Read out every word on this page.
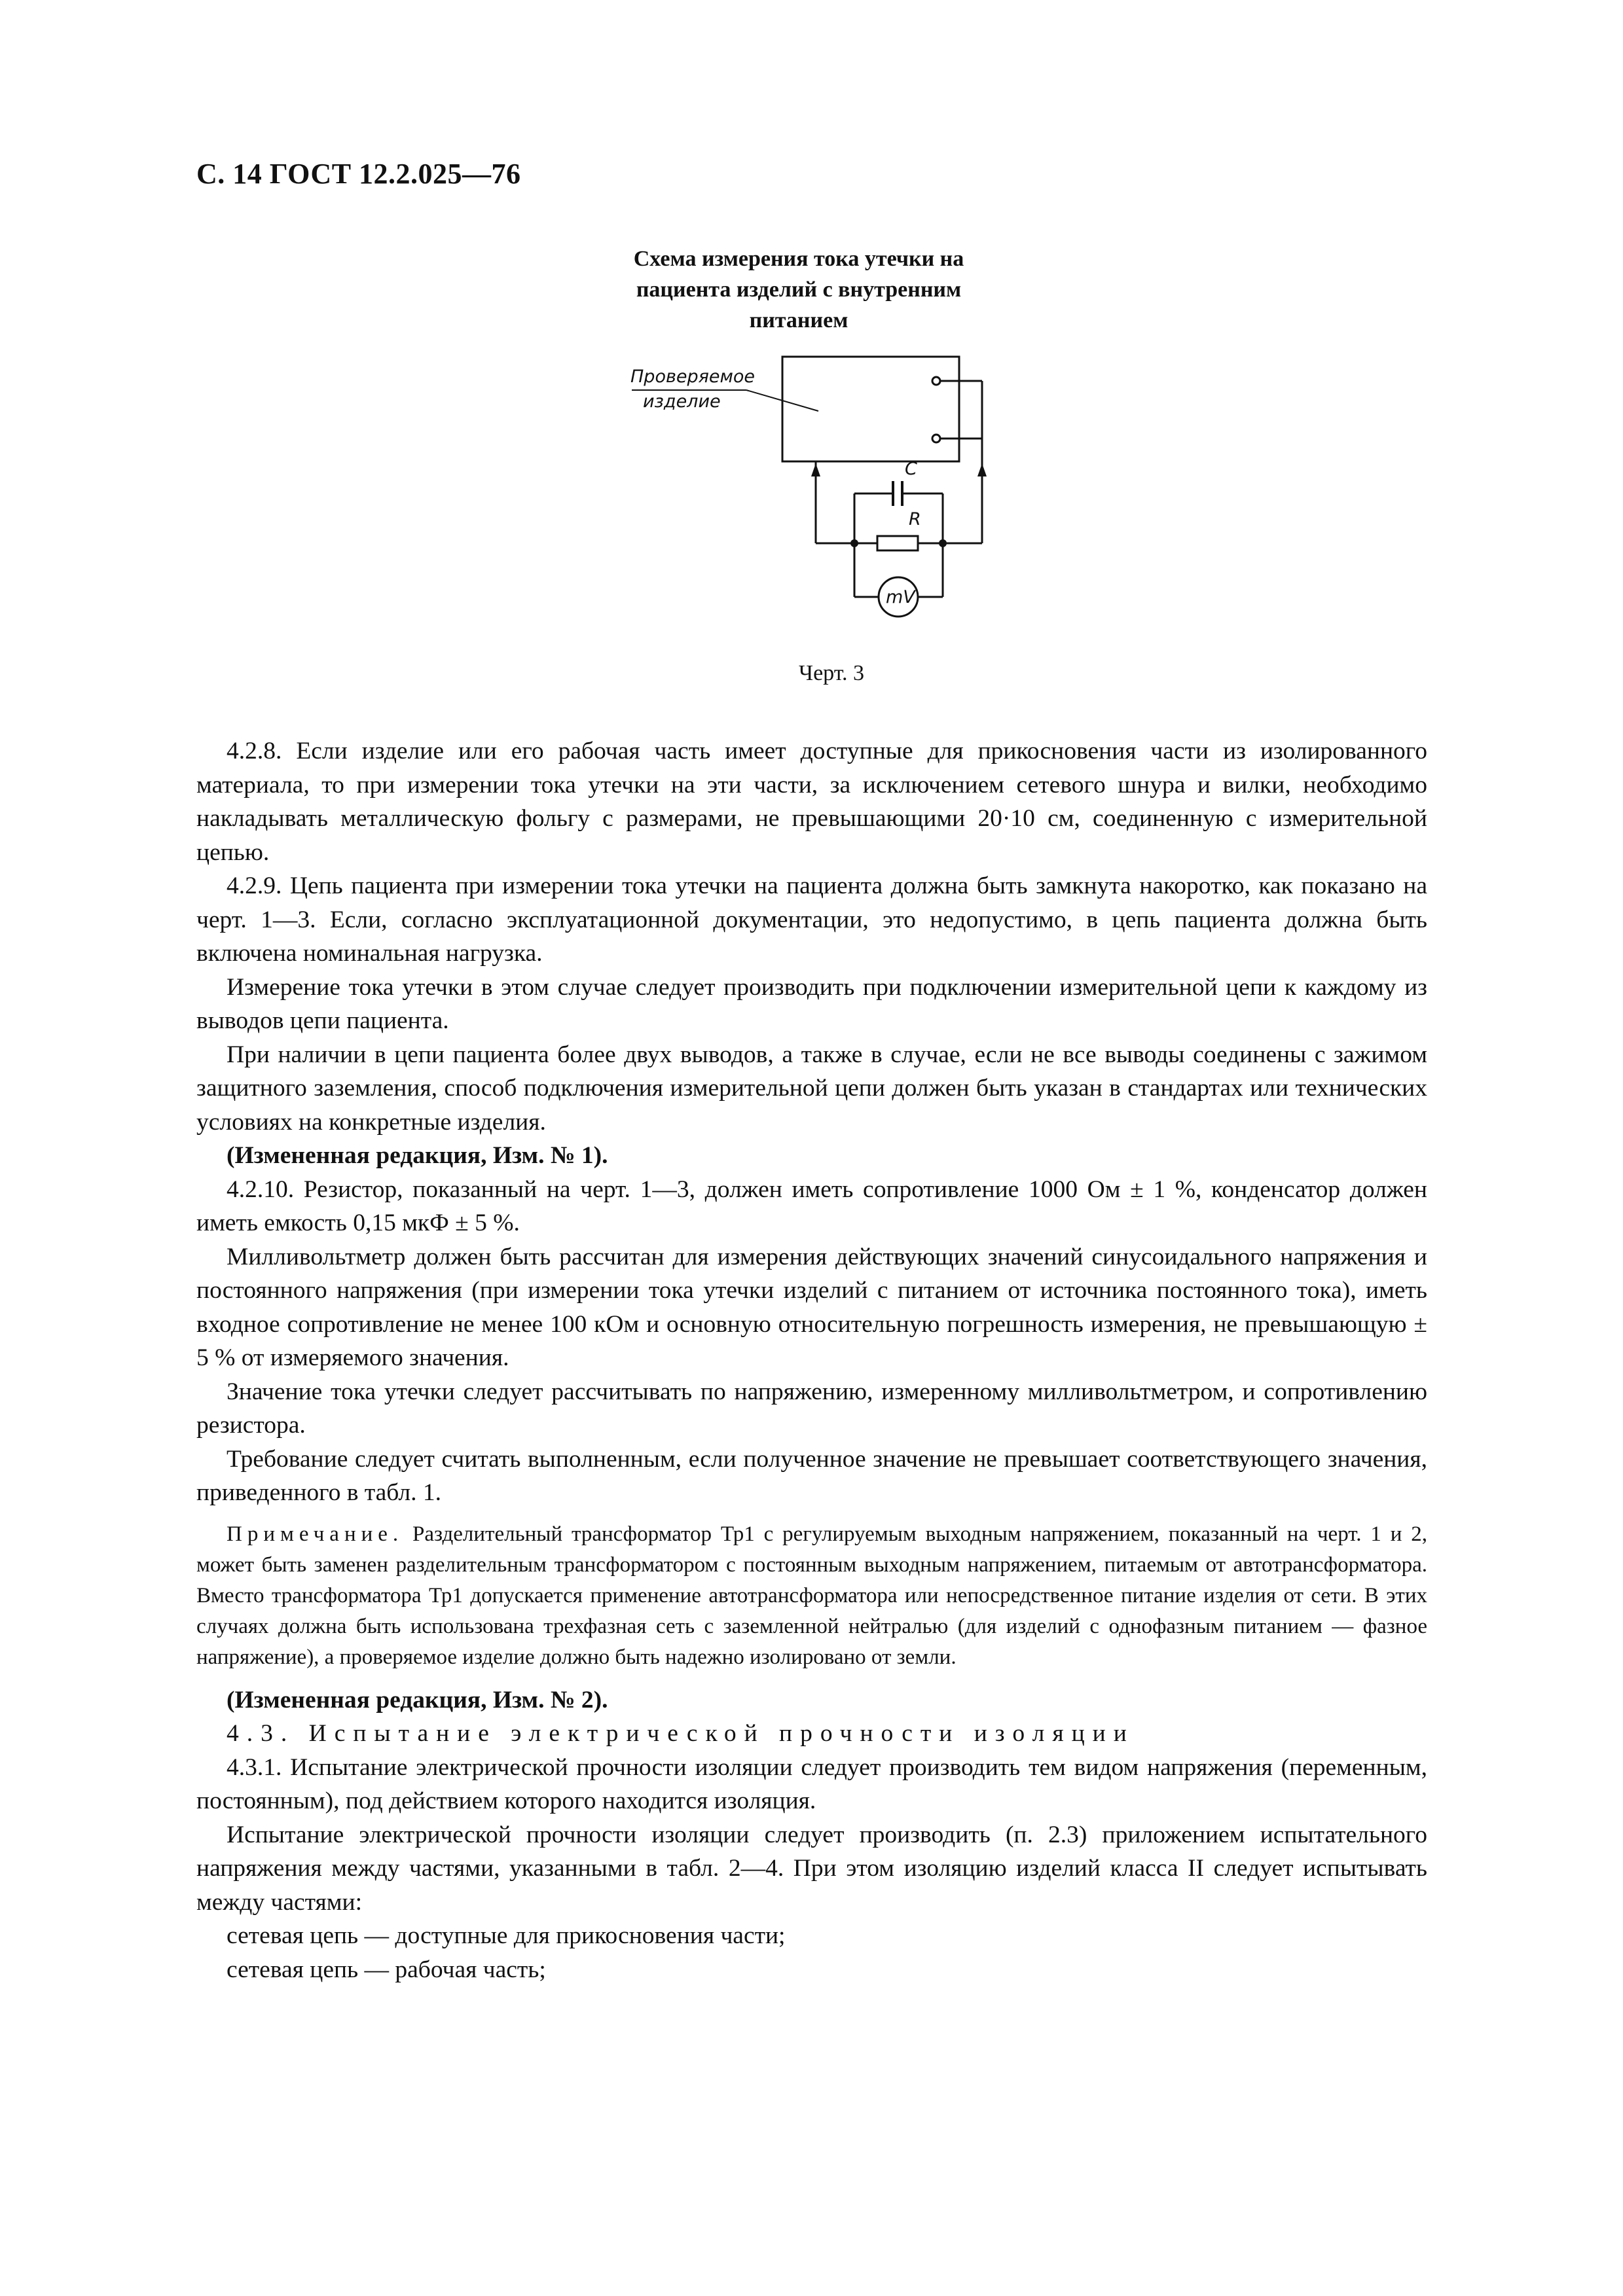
С. 14 ГОСТ 12.2.025—76
Схема измерения тока утечки на
пациента изделий с внутренним
питанием
Проверяемое
изделие
C
R
mV
Черт. 3

4.2.8. Если изделие или его рабочая часть имеет доступные для прикосновения части из изолированного материала, то при измерении тока утечки на эти части, за исключением сетевого шнура и вилки, необходимо накладывать металлическую фольгу с размерами, не превышающими 20·10 см, соединенную с измерительной цепью.

4.2.9. Цепь пациента при измерении тока утечки на пациента должна быть замкнута накоротко, как показано на черт. 1—3. Если, согласно эксплуатационной документации, это недопустимо, в цепь пациента должна быть включена номинальная нагрузка.

Измерение тока утечки в этом случае следует производить при подключении измерительной цепи к каждому из выводов цепи пациента.

При наличии в цепи пациента более двух выводов, а также в случае, если не все выводы соединены с зажимом защитного заземления, способ подключения измерительной цепи должен быть указан в стандартах или технических условиях на конкретные изделия.

(Измененная редакция, Изм. № 1).

4.2.10. Резистор, показанный на черт. 1—3, должен иметь сопротивление 1000 Ом ± 1 %, конденсатор должен иметь емкость 0,15 мкФ ± 5 %.

Милливольтметр должен быть рассчитан для измерения действующих значений синусоидального напряжения и постоянного напряжения (при измерении тока утечки изделий с питанием от источника постоянного тока), иметь входное сопротивление не менее 100 кОм и основную относительную погрешность измерения, не превышающую ± 5 % от измеряемого значения.

Значение тока утечки следует рассчитывать по напряжению, измеренному милливольтметром, и сопротивлению резистора.

Требование следует считать выполненным, если полученное значение не превышает соответствующего значения, приведенного в табл. 1.

Примечание. Разделительный трансформатор Тр1 с регулируемым выходным напряжением, показанный на черт. 1 и 2, может быть заменен разделительным трансформатором с постоянным выходным напряжением, питаемым от автотрансформатора. Вместо трансформатора Тр1 допускается применение автотрансформатора или непосредственное питание изделия от сети. В этих случаях должна быть использована трехфазная сеть с заземленной нейтралью (для изделий с однофазным питанием — фазное напряжение), а проверяемое изделие должно быть надежно изолировано от земли.

(Измененная редакция, Изм. № 2).

4.3. Испытание электрической прочности изоляции

4.3.1. Испытание электрической прочности изоляции следует производить тем видом напряжения (переменным, постоянным), под действием которого находится изоляция.

Испытание электрической прочности изоляции следует производить (п. 2.3) приложением испытательного напряжения между частями, указанными в табл. 2—4. При этом изоляцию изделий класса II следует испытывать между частями:

сетевая цепь — доступные для прикосновения части;

сетевая цепь — рабочая часть;
